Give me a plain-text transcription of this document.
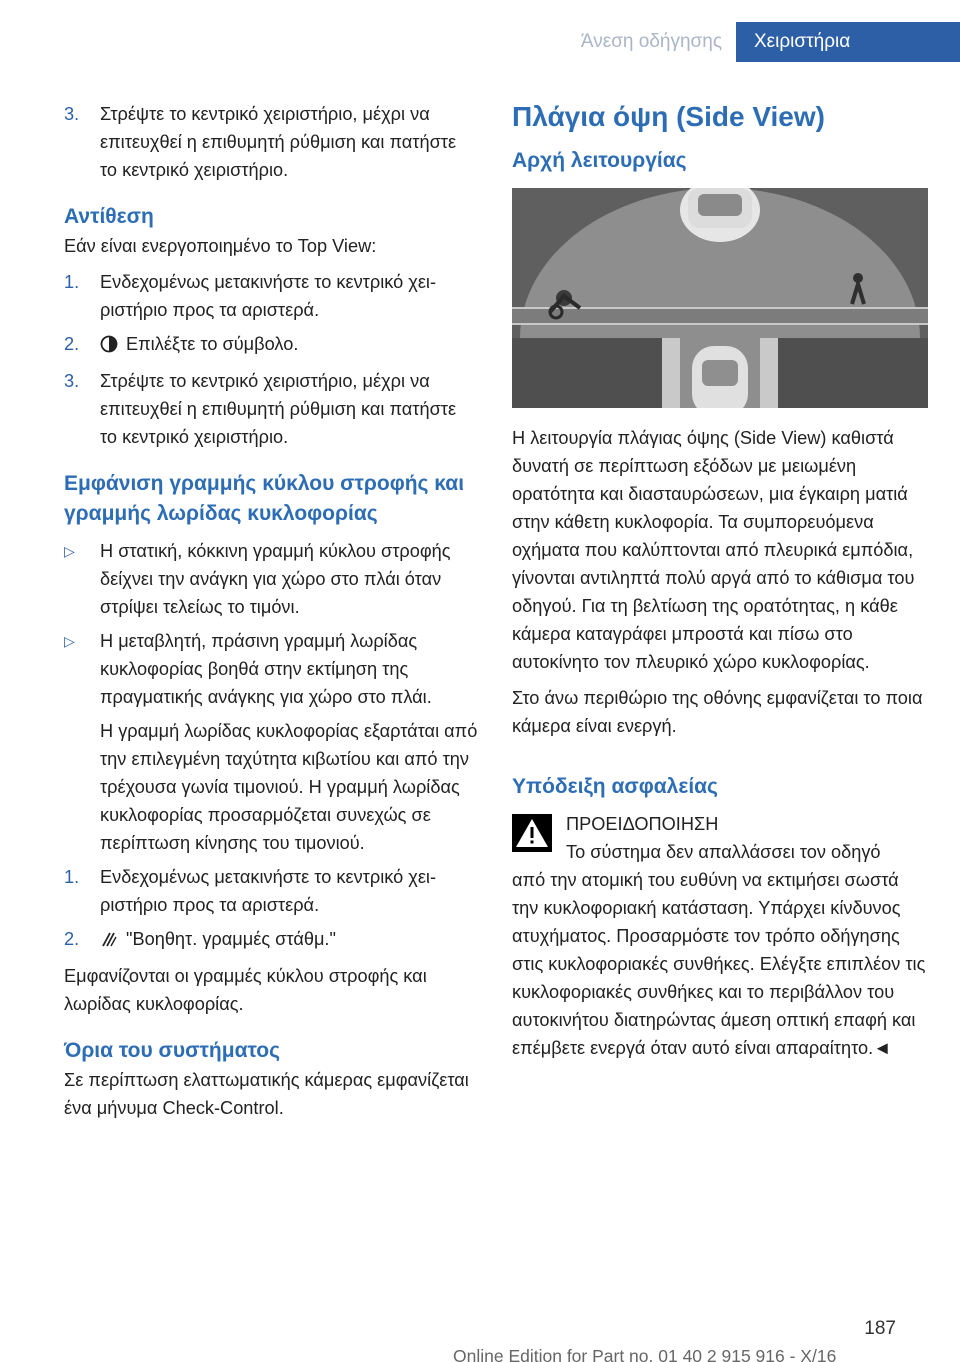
Άνεση οδήγησης	Χειριστήρια
3.	Στρέψτε το κεντρικό χειριστήριο, μέχρι να επιτευχθεί η επιθυμητή ρύθμιση και πατήστε το κεντρικό χειριστήριο.
Αντίθεση

Εάν είναι ενεργοποιημένο το Top View:

1.	Ενδεχομένως μετακινήστε το κεντρικό χειριστήριο προς τα αριστερά.
2.	Επιλέξτε το σύμβολο.
3.	Στρέψτε το κεντρικό χειριστήριο, μέχρι να επιτευχθεί η επιθυμητή ρύθμιση και πατήστε το κεντρικό χειριστήριο.
Εμφάνιση γραμμής κύκλου στροφής και γραμμής λωρίδας κυκλοφορίας
▷	Η στατική, κόκκινη γραμμή κύκλου στροφής δείχνει την ανάγκη για χώρο στο πλάι όταν στρίψει τελείως το τιμόνι.
▷	Η μεταβλητή, πράσινη γραμμή λωρίδας κυκλοφορίας βοηθά στην εκτίμηση της πραγματικής ανάγκης για χώρο στο πλάι.

Η γραμμή λωρίδας κυκλοφορίας εξαρτάται από την επιλεγμένη ταχύτητα κιβωτίου και από την τρέχουσα γωνία τιμονιού. Η γραμμή λωρίδας κυκλοφορίας προσαρμόζεται συνεχώς σε περίπτωση κίνησης του τιμονιού.

1.	Ενδεχομένως μετακινήστε το κεντρικό χειριστήριο προς τα αριστερά.
2.	"Βοηθητ. γραμμές στάθμ."

Εμφανίζονται οι γραμμές κύκλου στροφής και λωρίδας κυκλοφορίας.

Όρια του συστήματος

Σε περίπτωση ελαττωματικής κάμερας εμφανίζεται ένα μήνυμα Check-Control.

Πλάγια όψη (Side View)
Αρχή λειτουργίας

Η λειτουργία πλάγιας όψης (Side View) καθιστά δυνατή σε περίπτωση εξόδων με μειωμένη ορατότητα και διασταυρώσεων, μια έγκαιρη ματιά στην κάθετη κυκλοφορία. Τα συμπορευόμενα οχήματα που καλύπτονται από πλευρικά εμπόδια, γίνονται αντιληπτά πολύ αργά από το κάθισμα του οδηγού. Για τη βελτίωση της ορατότητας, η κάθε κάμερα καταγράφει μπροστά και πίσω στο αυτοκίνητο τον πλευρικό χώρο κυκλοφορίας.

Στο άνω περιθώριο της οθόνης εμφανίζεται το ποια κάμερα είναι ενεργή.

Υπόδειξη ασφαλείας

ΠΡΟΕΙΔΟΠΟΙΗΣΗ

Το σύστημα δεν απαλλάσσει τον οδηγό

από την ατομική του ευθύνη να εκτιμήσει σωστά την κυκλοφοριακή κατάσταση. Υπάρχει κίνδυνος ατυχήματος. Προσαρμόστε τον τρόπο οδήγησης στις κυκλοφοριακές συνθήκες. Ελέγξτε επιπλέον τις κυκλοφοριακές συνθήκες και το περιβάλλον του αυτοκινήτου διατηρώντας άμεση οπτική επαφή και επέμβετε ενεργά όταν αυτό είναι απαραίτητο.◄

187
Online Edition for Part no. 01 40 2 915 916 - X/16
